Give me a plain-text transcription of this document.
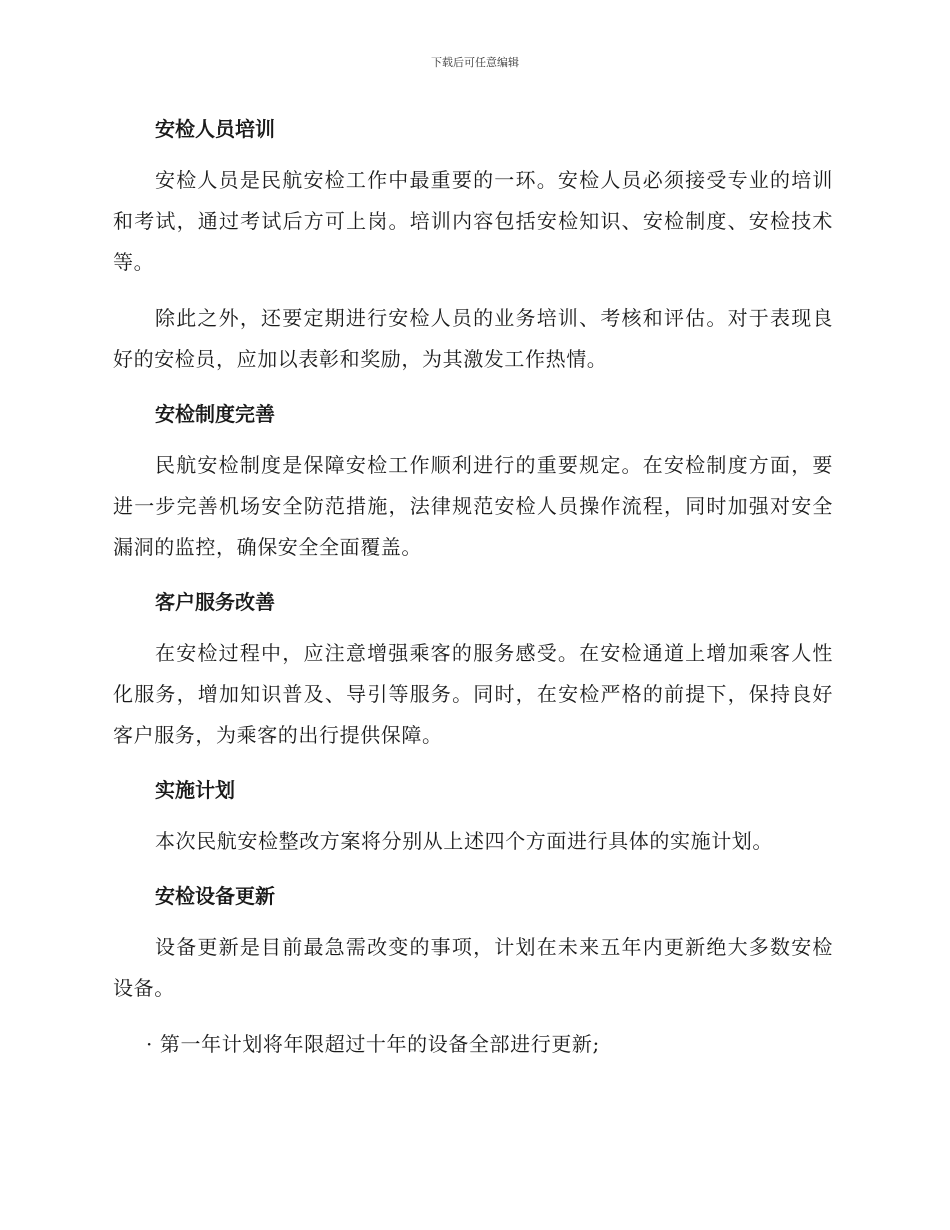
下载后可任意编辑
安检人员培训

安检人员是民航安检工作中最重要的一环。安检人员必须接受专业的培训和考试，通过考试后方可上岗。培训内容包括安检知识、安检制度、安检技术等。

除此之外，还要定期进行安检人员的业务培训、考核和评估。对于表现良好的安检员，应加以表彰和奖励，为其激发工作热情。

安检制度完善

民航安检制度是保障安检工作顺利进行的重要规定。在安检制度方面，要进一步完善机场安全防范措施，法律规范安检人员操作流程，同时加强对安全漏洞的监控，确保安全全面覆盖。

客户服务改善

在安检过程中，应注意增强乘客的服务感受。在安检通道上增加乘客人性化服务，增加知识普及、导引等服务。同时，在安检严格的前提下，保持良好客户服务，为乘客的出行提供保障。

实施计划

本次民航安检整改方案将分别从上述四个方面进行具体的实施计划。

安检设备更新

设备更新是目前最急需改变的事项，计划在未来五年内更新绝大多数安检设备。

· 第一年计划将年限超过十年的设备全部进行更新;
